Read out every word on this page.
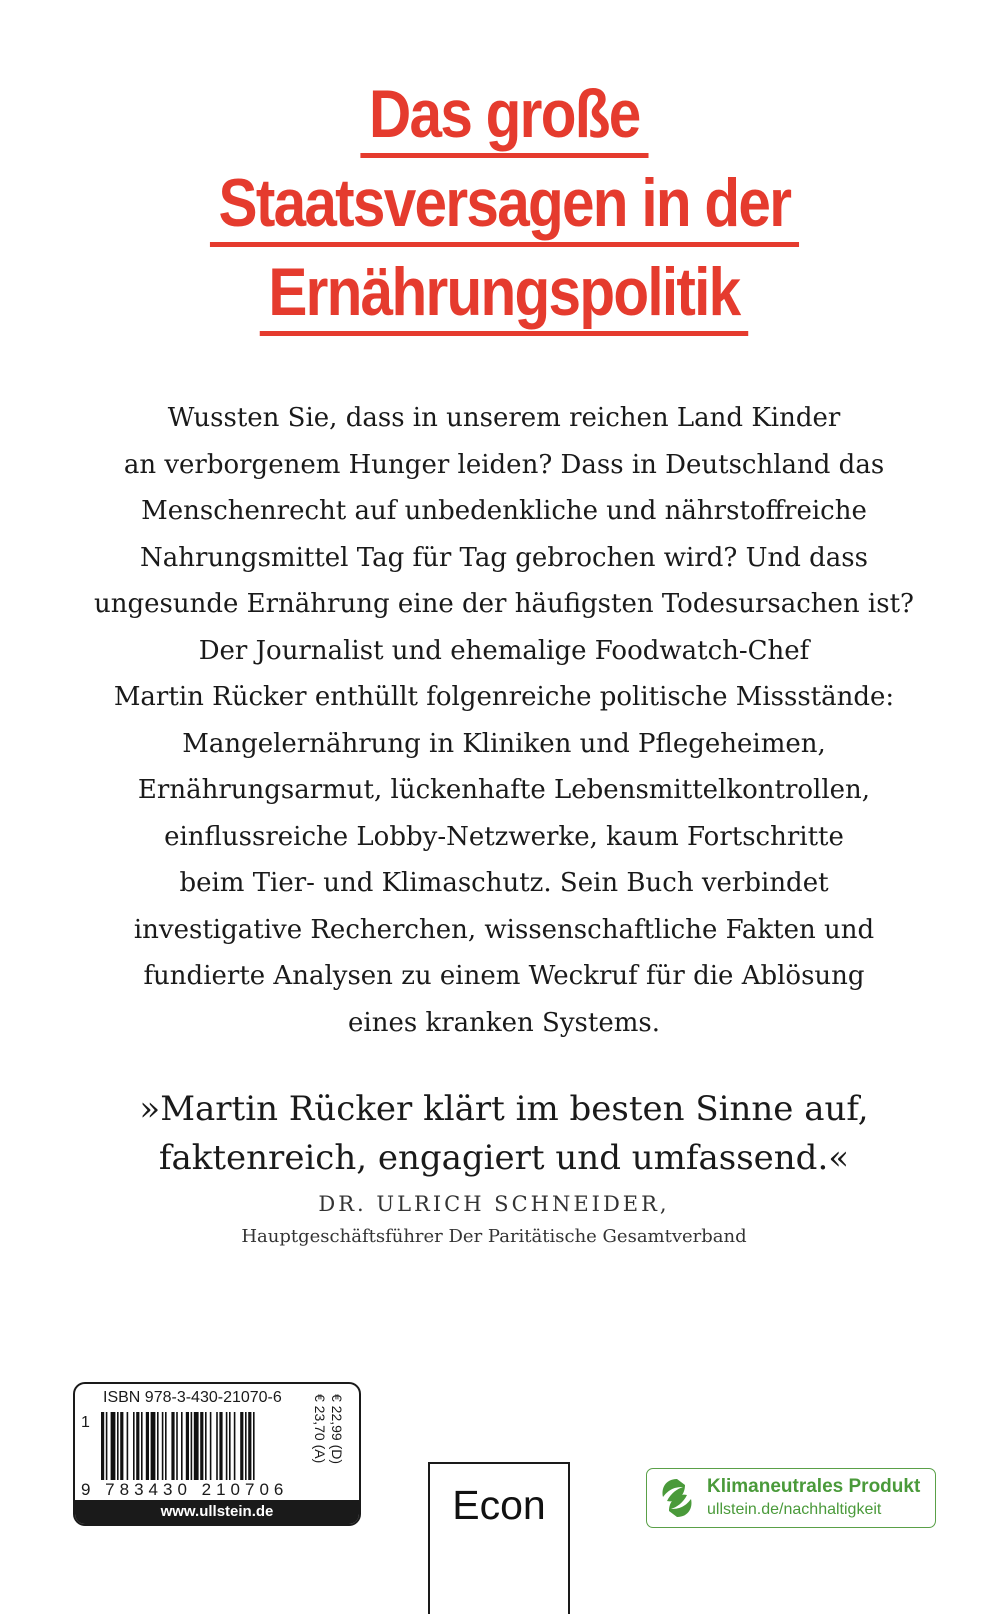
Das große
Staatsversagen in der
Ernährungspolitik
Wussten Sie, dass in unserem reichen Land Kinder
an verborgenem Hunger leiden? Dass in Deutschland das
Menschenrecht auf unbedenkliche und nährstoffreiche
Nahrungsmittel Tag für Tag gebrochen wird? Und dass
ungesunde Ernährung eine der häufigsten Todesursachen ist?
Der Journalist und ehemalige Foodwatch-Chef
Martin Rücker enthüllt folgenreiche politische Missstände:
Mangelernährung in Kliniken und Pflegeheimen,
Ernährungsarmut, lückenhafte Lebensmittelkontrollen,
einflussreiche Lobby-Netzwerke, kaum Fortschritte
beim Tier- und Klimaschutz. Sein Buch verbindet
investigative Recherchen, wissenschaftliche Fakten und
fundierte Analysen zu einem Weckruf für die Ablösung
eines kranken Systems.
»Martin Rücker klärt im besten Sinne auf,
faktenreich, engagiert und umfassend.«
DR. ULRICH SCHNEIDER,
Hauptgeschäftsführer Der Paritätische Gesamtverband
ISBN 978-3-430-21070-6
1
9 783430 210706
€ 22,99 (D)
€ 23,70 (A)
www.ullstein.de	Econ	Klimaneutrales Produkt
ullstein.de/nachhaltigkeit
